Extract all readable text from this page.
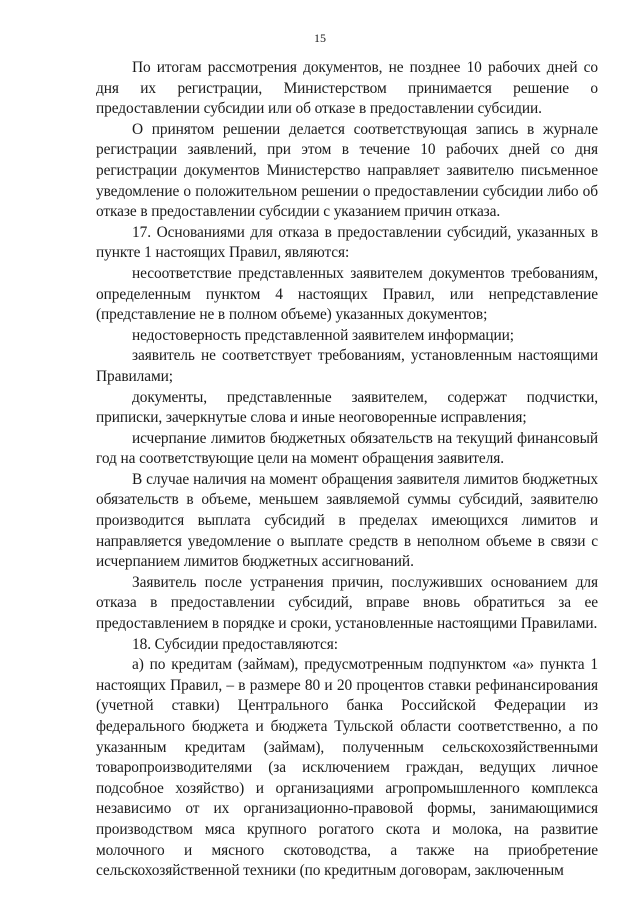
15

По итогам рассмотрения документов, не позднее 10 рабочих дней со дня их регистрации, Министерством принимается решение о предоставлении субсидии или об отказе в предоставлении субсидии.

О принятом решении делается соответствующая запись в журнале регистрации заявлений, при этом в течение 10 рабочих дней со дня регистрации документов Министерство направляет заявителю письменное уведомление о положительном решении о предоставлении субсидии либо об отказе в предоставлении субсидии с указанием причин отказа.

17. Основаниями для отказа в предоставлении субсидий, указанных в пункте 1 настоящих Правил, являются:

несоответствие представленных заявителем документов требованиям, определенным пунктом 4 настоящих Правил, или непредставление (представление не в полном объеме) указанных документов;

недостоверность представленной заявителем информации;

заявитель не соответствует требованиям, установленным настоящими Правилами;

документы, представленные заявителем, содержат подчистки, приписки, зачеркнутые слова и иные неоговоренные исправления;

исчерпание лимитов бюджетных обязательств на текущий финансовый год на соответствующие цели на момент обращения заявителя.

В случае наличия на момент обращения заявителя лимитов бюджетных обязательств в объеме, меньшем заявляемой суммы субсидий, заявителю производится выплата субсидий в пределах имеющихся лимитов и направляется уведомление о выплате средств в неполном объеме в связи с исчерпанием лимитов бюджетных ассигнований.

Заявитель после устранения причин, послуживших основанием для отказа в предоставлении субсидий, вправе вновь обратиться за ее предоставлением в порядке и сроки, установленные настоящими Правилами.

18. Субсидии предоставляются:

а) по кредитам (займам), предусмотренным подпунктом «а» пункта 1 настоящих Правил, – в размере 80 и 20 процентов ставки рефинансирования (учетной ставки) Центрального банка Российской Федерации из федерального бюджета и бюджета Тульской области соответственно, а по указанным кредитам (займам), полученным сельскохозяйственными товаропроизводителями (за исключением граждан, ведущих личное подсобное хозяйство) и организациями агропромышленного комплекса независимо от их организационно-правовой формы, занимающимися производством мяса крупного рогатого скота и молока, на развитие молочного и мясного скотоводства, а также на приобретение сельскохозяйственной техники (по кредитным договорам, заключенным
